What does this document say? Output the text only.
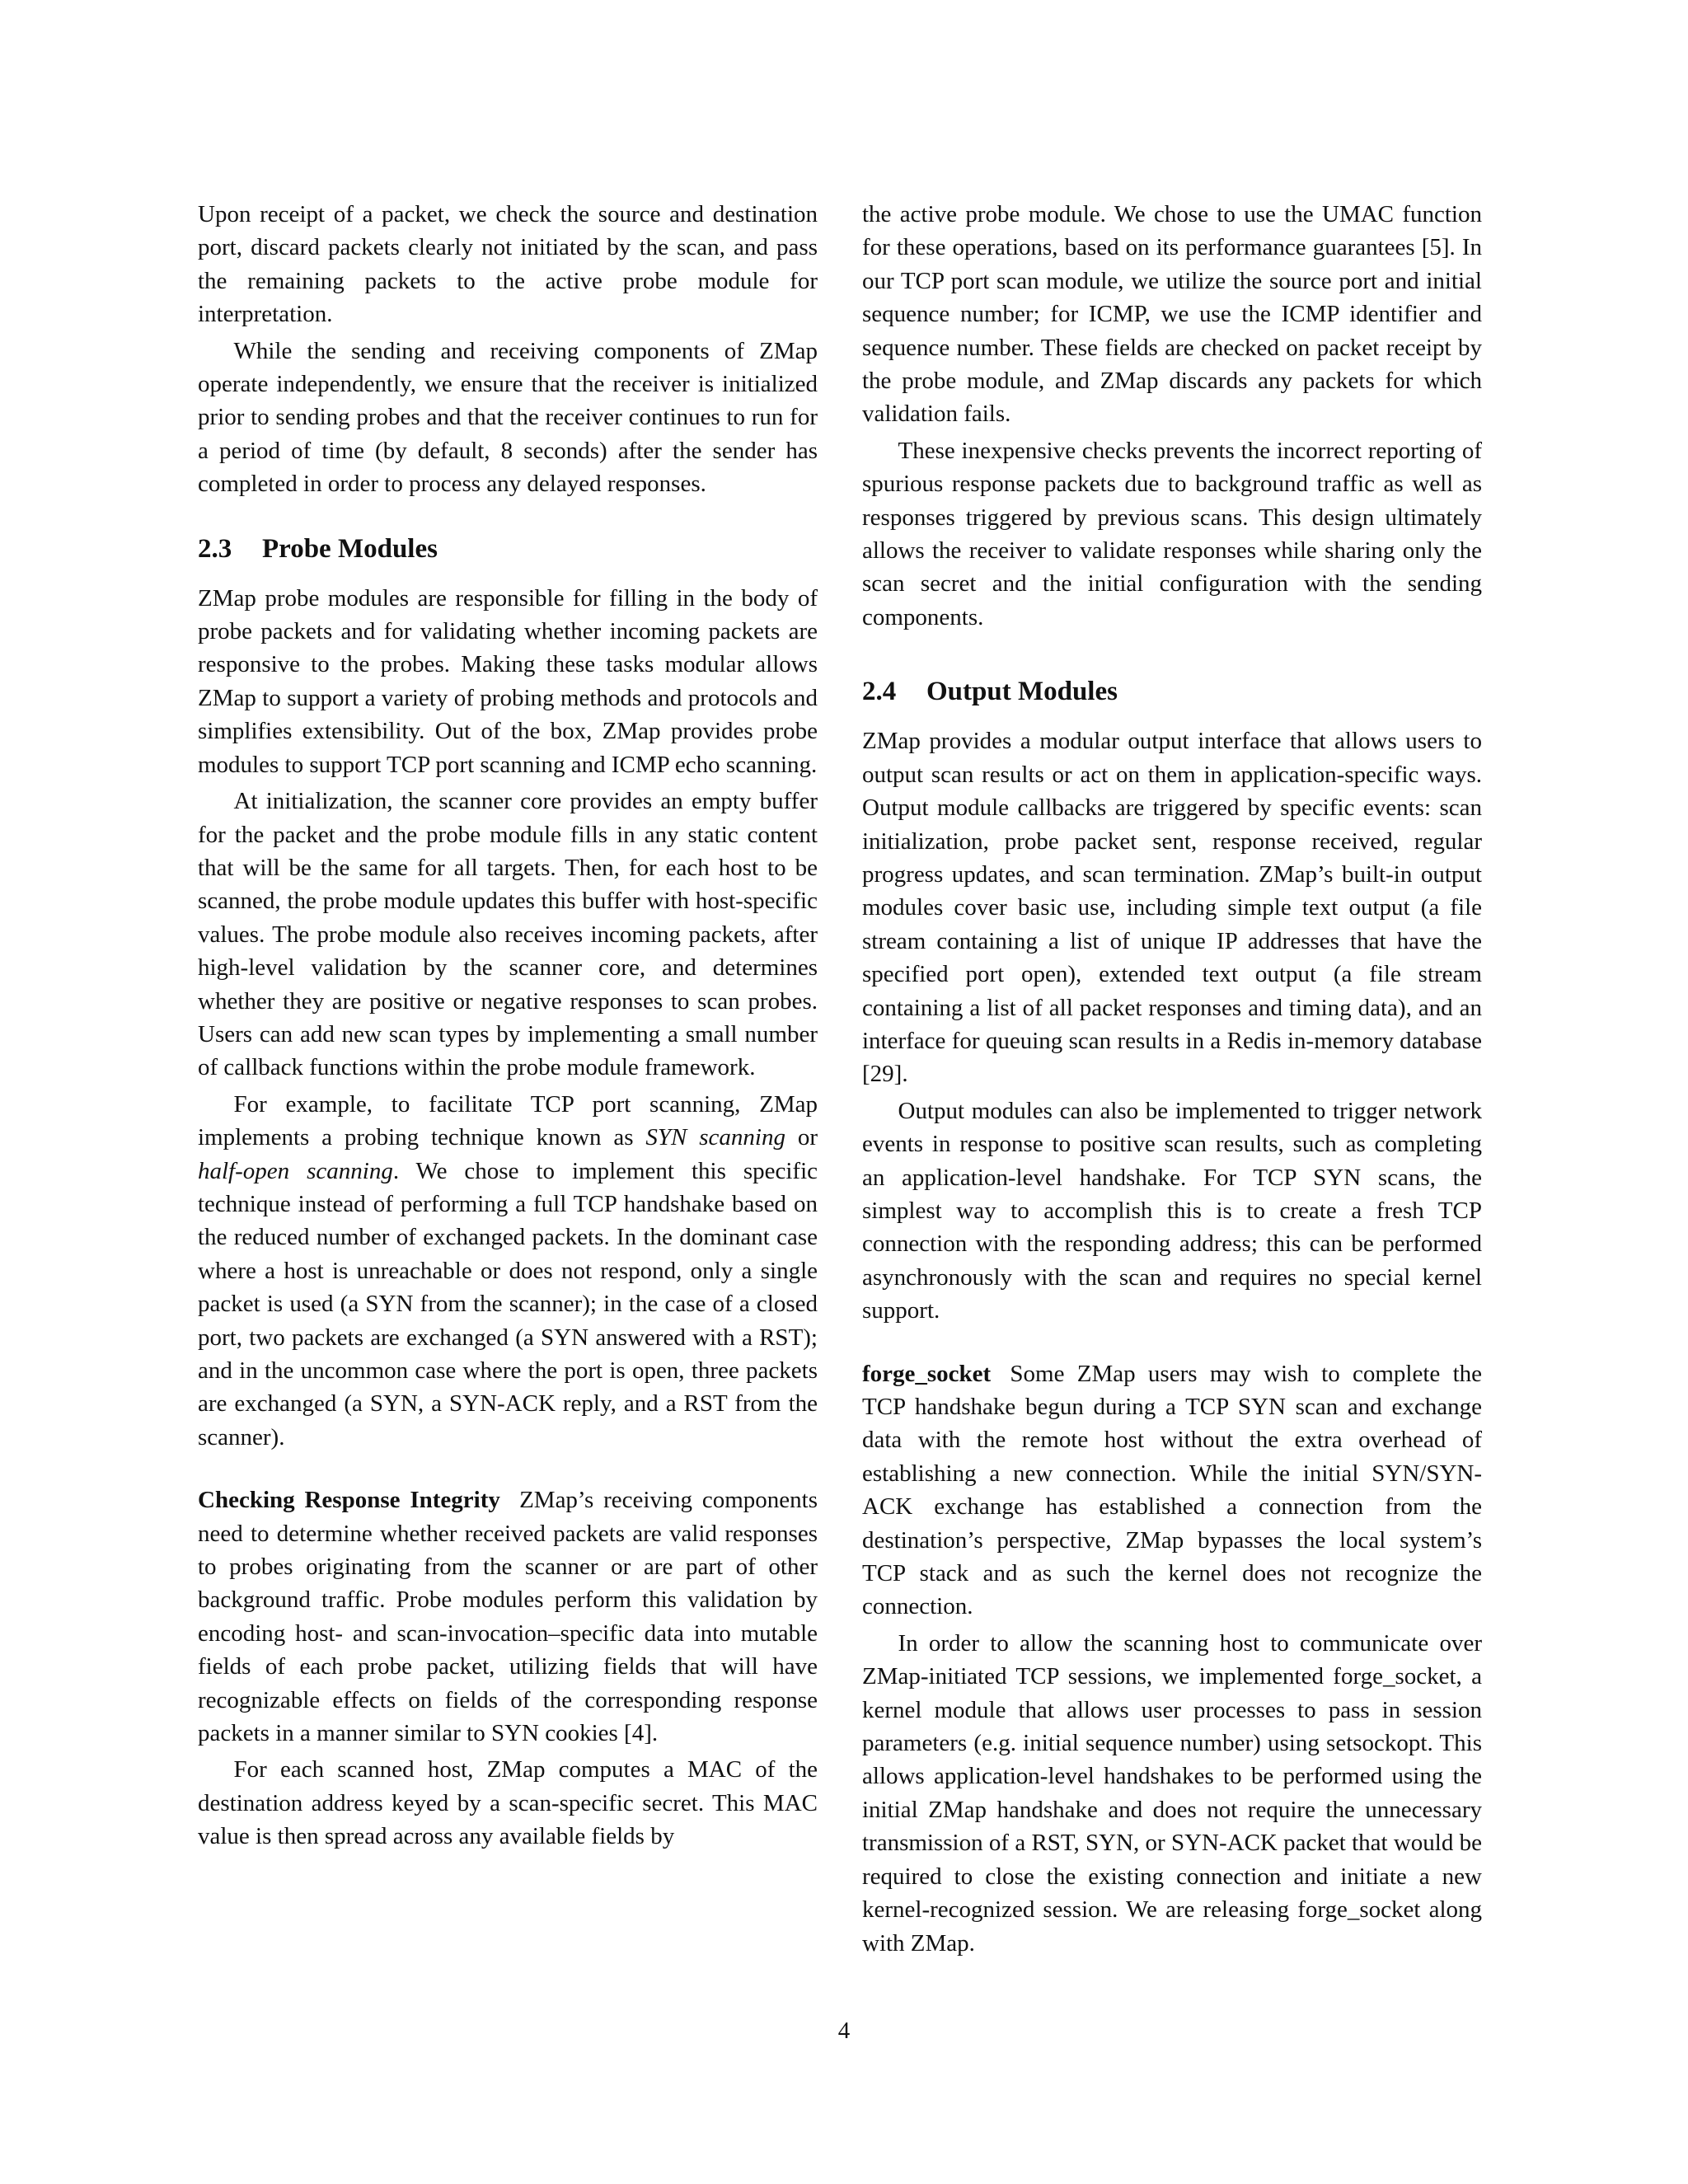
Upon receipt of a packet, we check the source and destination port, discard packets clearly not initiated by the scan, and pass the remaining packets to the active probe module for interpretation.

While the sending and receiving components of ZMap operate independently, we ensure that the receiver is initialized prior to sending probes and that the receiver continues to run for a period of time (by default, 8 seconds) after the sender has completed in order to process any delayed responses.

2.3 Probe Modules

ZMap probe modules are responsible for filling in the body of probe packets and for validating whether incoming packets are responsive to the probes. Making these tasks modular allows ZMap to support a variety of probing methods and protocols and simplifies extensibility. Out of the box, ZMap provides probe modules to support TCP port scanning and ICMP echo scanning.

At initialization, the scanner core provides an empty buffer for the packet and the probe module fills in any static content that will be the same for all targets. Then, for each host to be scanned, the probe module updates this buffer with host-specific values. The probe module also receives incoming packets, after high-level validation by the scanner core, and determines whether they are positive or negative responses to scan probes. Users can add new scan types by implementing a small number of callback functions within the probe module framework.

For example, to facilitate TCP port scanning, ZMap implements a probing technique known as SYN scanning or half-open scanning. We chose to implement this specific technique instead of performing a full TCP handshake based on the reduced number of exchanged packets. In the dominant case where a host is unreachable or does not respond, only a single packet is used (a SYN from the scanner); in the case of a closed port, two packets are exchanged (a SYN answered with a RST); and in the uncommon case where the port is open, three packets are exchanged (a SYN, a SYN-ACK reply, and a RST from the scanner).

Checking Response Integrity ZMap’s receiving components need to determine whether received packets are valid responses to probes originating from the scanner or are part of other background traffic. Probe modules perform this validation by encoding host- and scan-invocation–specific data into mutable fields of each probe packet, utilizing fields that will have recognizable effects on fields of the corresponding response packets in a manner similar to SYN cookies [4].

For each scanned host, ZMap computes a MAC of the destination address keyed by a scan-specific secret. This MAC value is then spread across any available fields by

the active probe module. We chose to use the UMAC function for these operations, based on its performance guarantees [5]. In our TCP port scan module, we utilize the source port and initial sequence number; for ICMP, we use the ICMP identifier and sequence number. These fields are checked on packet receipt by the probe module, and ZMap discards any packets for which validation fails.

These inexpensive checks prevents the incorrect reporting of spurious response packets due to background traffic as well as responses triggered by previous scans. This design ultimately allows the receiver to validate responses while sharing only the scan secret and the initial configuration with the sending components.

2.4 Output Modules

ZMap provides a modular output interface that allows users to output scan results or act on them in application-specific ways. Output module callbacks are triggered by specific events: scan initialization, probe packet sent, response received, regular progress updates, and scan termination. ZMap’s built-in output modules cover basic use, including simple text output (a file stream containing a list of unique IP addresses that have the specified port open), extended text output (a file stream containing a list of all packet responses and timing data), and an interface for queuing scan results in a Redis in-memory database [29].

Output modules can also be implemented to trigger network events in response to positive scan results, such as completing an application-level handshake. For TCP SYN scans, the simplest way to accomplish this is to create a fresh TCP connection with the responding address; this can be performed asynchronously with the scan and requires no special kernel support.

forge_socket Some ZMap users may wish to complete the TCP handshake begun during a TCP SYN scan and exchange data with the remote host without the extra overhead of establishing a new connection. While the initial SYN/SYN-ACK exchange has established a connection from the destination’s perspective, ZMap bypasses the local system’s TCP stack and as such the kernel does not recognize the connection.

In order to allow the scanning host to communicate over ZMap-initiated TCP sessions, we implemented forge_socket, a kernel module that allows user processes to pass in session parameters (e.g. initial sequence number) using setsockopt. This allows application-level handshakes to be performed using the initial ZMap handshake and does not require the unnecessary transmission of a RST, SYN, or SYN-ACK packet that would be required to close the existing connection and initiate a new kernel-recognized session. We are releasing forge_socket along with ZMap.

4
